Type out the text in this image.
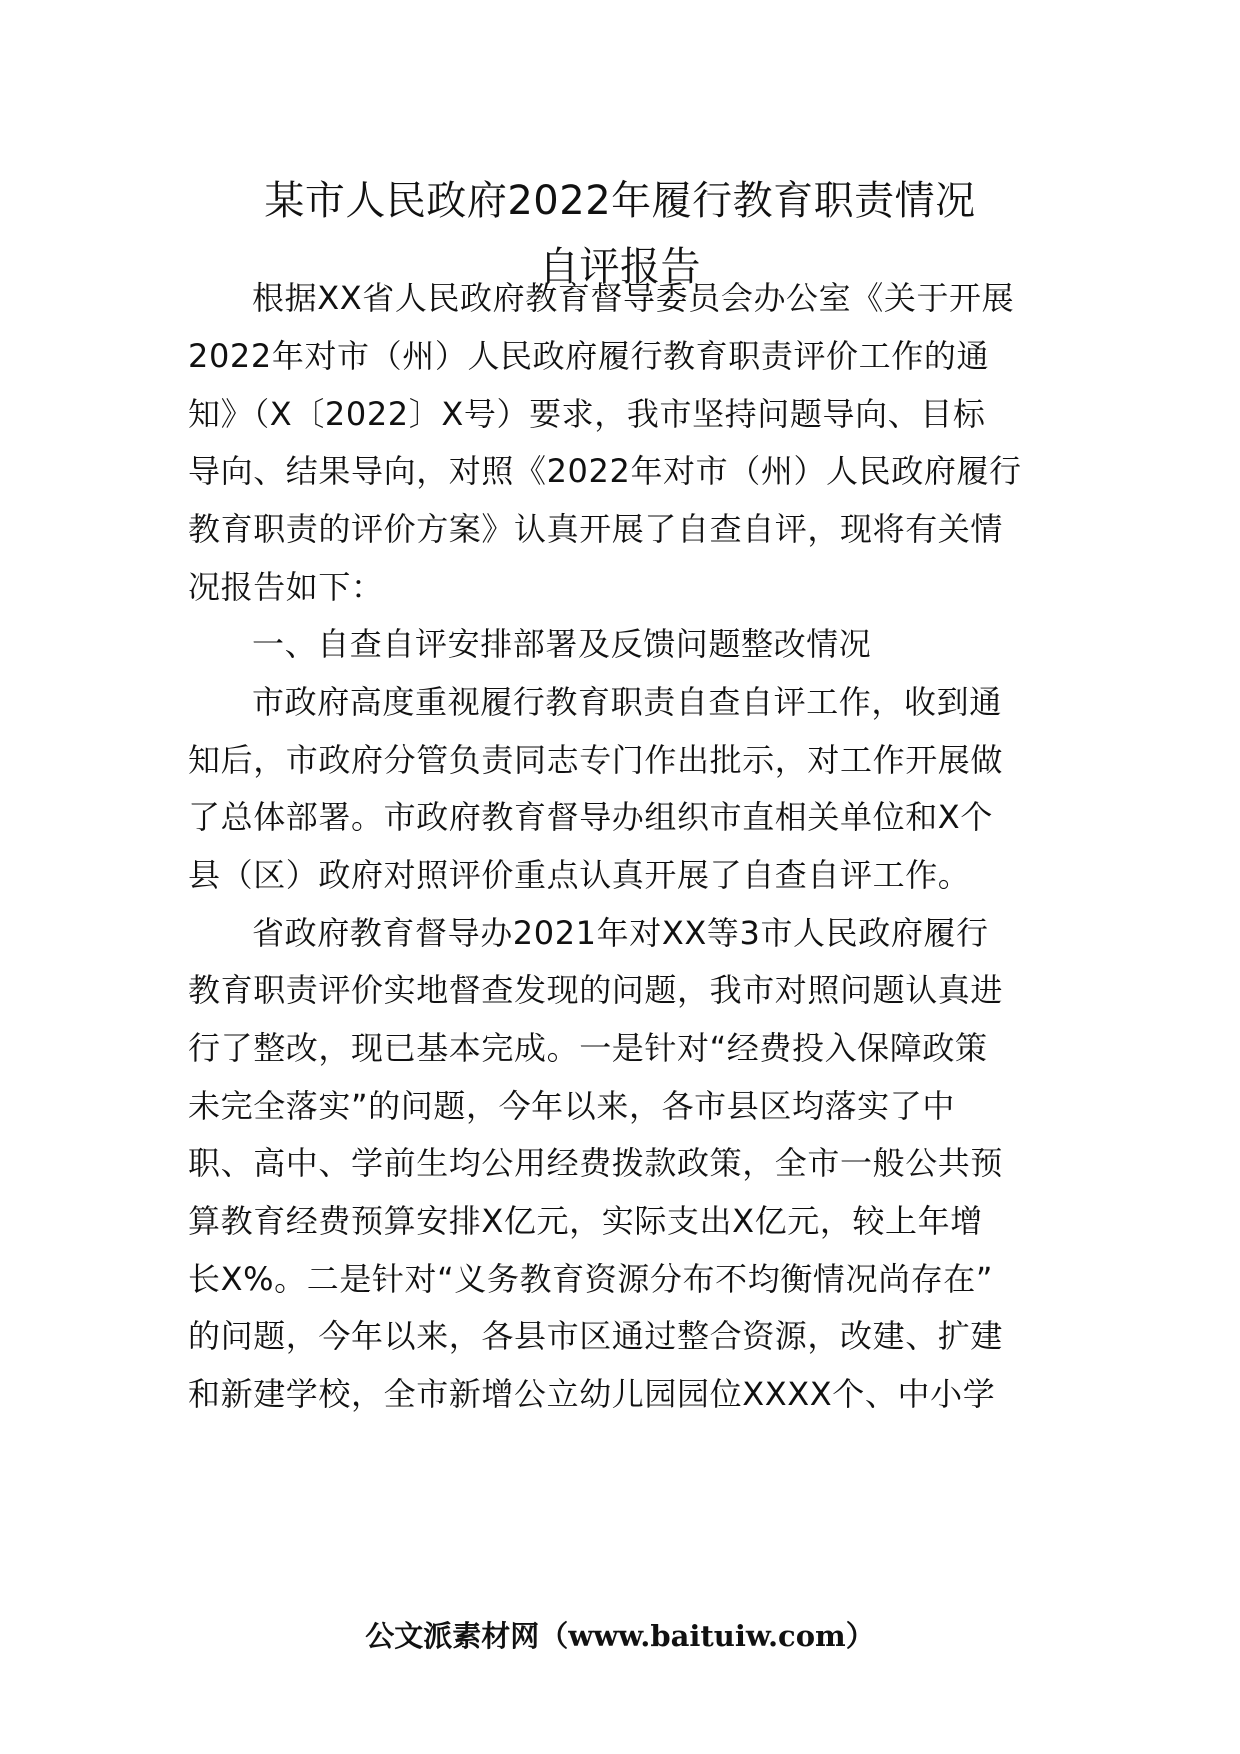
某市人民政府2022年履行教育职责情况
自评报告
根据XX省人民政府教育督导委员会办公室《关于开展
2022年对市（州）人民政府履行教育职责评价工作的通
知》（X〔2022〕X号）要求，我市坚持问题导向、目标
导向、结果导向，对照《2022年对市（州）人民政府履行
教育职责的评价方案》认真开展了自查自评，现将有关情
况报告如下：
一、自查自评安排部署及反馈问题整改情况
市政府高度重视履行教育职责自查自评工作，收到通
知后，市政府分管负责同志专门作出批示，对工作开展做
了总体部署。市政府教育督导办组织市直相关单位和X个
县（区）政府对照评价重点认真开展了自查自评工作。
省政府教育督导办2021年对XX等3市人民政府履行
教育职责评价实地督查发现的问题，我市对照问题认真进
行了整改，现已基本完成。一是针对“经费投入保障政策
未完全落实”的问题，今年以来，各市县区均落实了中
职、高中、学前生均公用经费拨款政策，全市一般公共预
算教育经费预算安排X亿元，实际支出X亿元，较上年增
长X%。二是针对“义务教育资源分布不均衡情况尚存在”
的问题，今年以来，各县市区通过整合资源，改建、扩建
和新建学校，全市新增公立幼儿园园位XXXX个、中小学
公文派素材网（www.baituiw.com）
